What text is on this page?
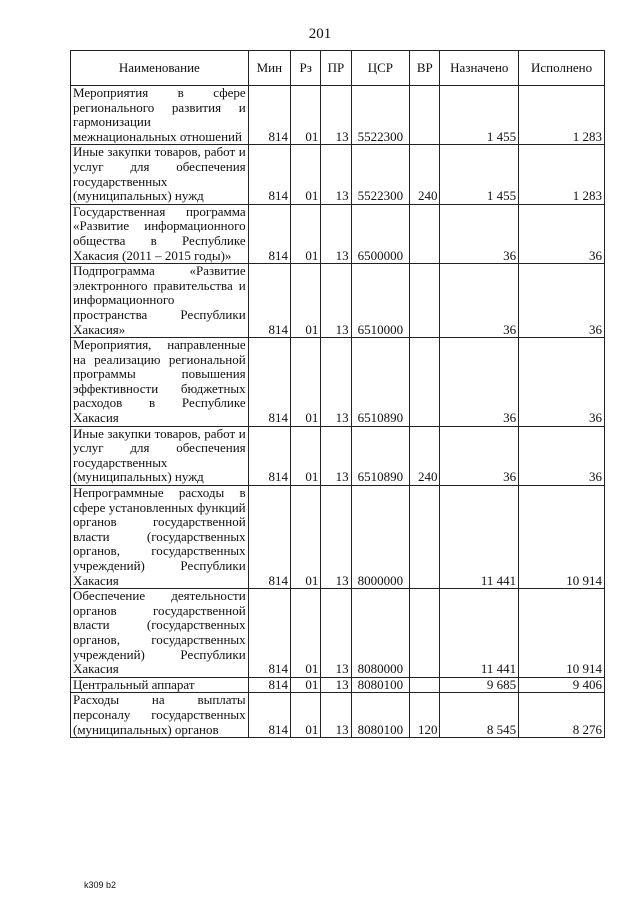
201
Наименование	Мин	Рз	ПР	ЦСР	ВР	Назначено	Исполнено
Мероприятия в сфере регионального развития и гармонизации межнациональных отношений	814	01	13	5522300		1 455	1 283
Иные закупки товаров, работ и услуг для обеспечения государственных (муниципальных) нужд	814	01	13	5522300	240	1 455	1 283
Государственная программа «Развитие информационного общества в Республике Хакасия (2011 – 2015 годы)»	814	01	13	6500000		36	36
Подпрограмма «Развитие электронного правительства и информационного пространства Республики Хакасия»	814	01	13	6510000		36	36
Мероприятия, направленные на реализацию региональной программы повышения эффективности бюджетных расходов в Республике Хакасия	814	01	13	6510890		36	36
Иные закупки товаров, работ и услуг для обеспечения государственных (муниципальных) нужд	814	01	13	6510890	240	36	36
Непрограммные расходы в сфере установленных функций органов государственной власти (государственных органов, государственных учреждений) Республики Хакасия	814	01	13	8000000		11 441	10 914
Обеспечение деятельности органов государственной власти (государственных органов, государственных учреждений) Республики Хакасия	814	01	13	8080000		11 441	10 914
Центральный аппарат	814	01	13	8080100		9 685	9 406
Расходы на выплаты персоналу государственных (муниципальных) органов	814	01	13	8080100	120	8 545	8 276
k309 b2
